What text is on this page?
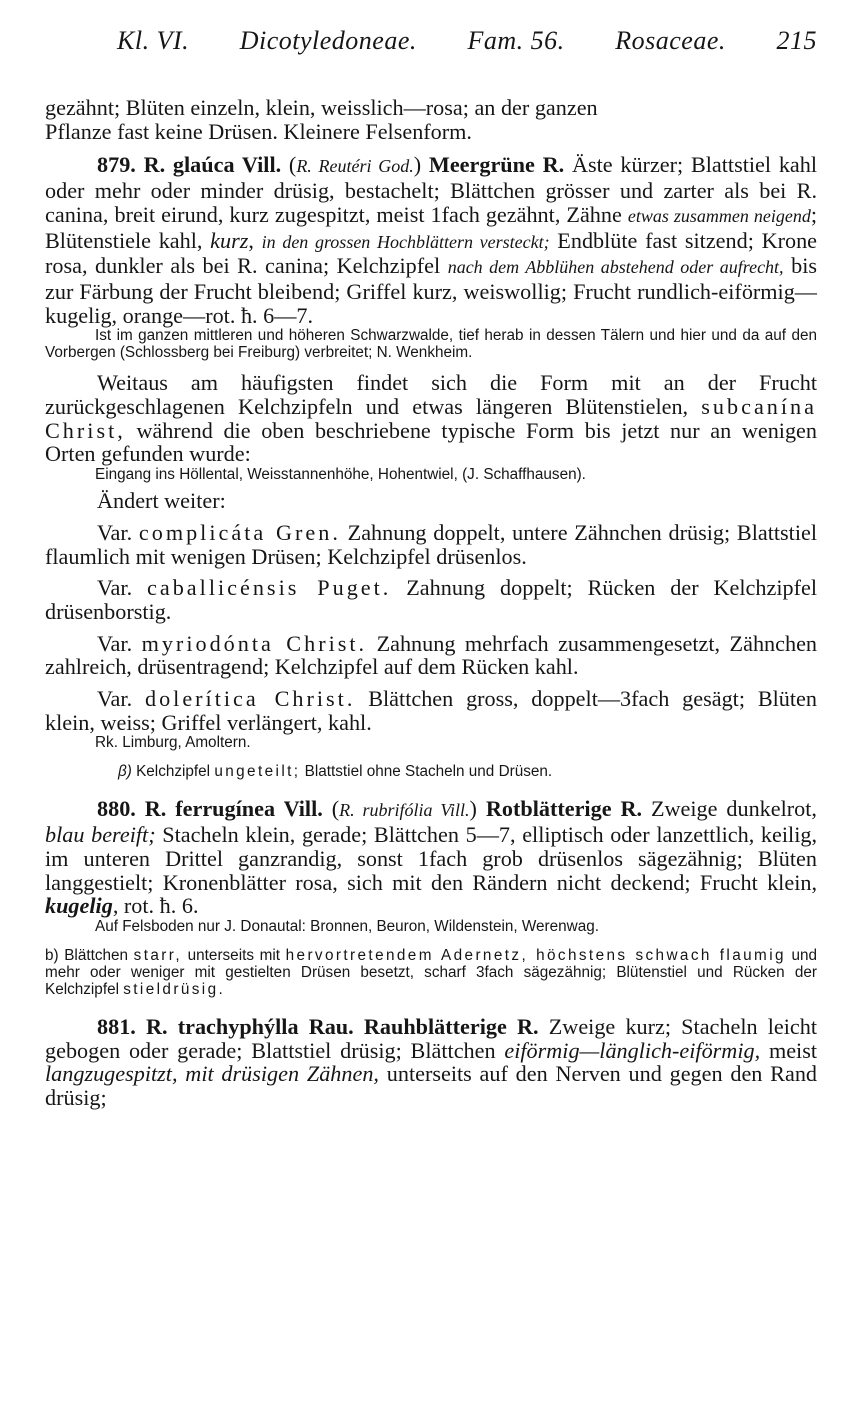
Kl. VI. Dicotyledoneae. Fam. 56. Rosaceae. 215

gezähnt; Blüten einzeln, klein, weisslich—rosa; an der ganzen
Pflanze fast keine Drüsen. Kleinere Felsenform.

879. R. glaúca Vill. (R. Reutéri God.) Meergrüne R. Äste kürzer; Blattstiel kahl oder mehr oder minder drüsig, bestachelt; Blättchen grösser und zarter als bei R. canina, breit eirund, kurz zugespitzt, meist 1fach gezähnt, Zähne etwas zusammen neigend; Blütenstiele kahl, kurz, in den grossen Hochblättern versteckt; Endblüte fast sitzend; Krone rosa, dunkler als bei R. canina; Kelchzipfel nach dem Abblühen abstehend oder aufrecht, bis zur Färbung der Frucht bleibend; Griffel kurz, weiswollig; Frucht rundlich-eiförmig—kugelig, orange—rot. ħ. 6—7.

Ist im ganzen mittleren und höheren Schwarzwalde, tief herab in dessen Tälern und hier und da auf den Vorbergen (Schlossberg bei Freiburg) verbreitet; N. Wenkheim.

Weitaus am häufigsten findet sich die Form mit an der Frucht zurückgeschlagenen Kelchzipfeln und etwas längeren Blütenstielen, subcanína Christ, während die oben beschriebene typische Form bis jetzt nur an wenigen Orten gefunden wurde:

Eingang ins Höllental, Weisstannenhöhe, Hohentwiel, (J. Schaffhausen).

Ändert weiter:

Var. complicáta Gren. Zahnung doppelt, untere Zähnchen drüsig; Blattstiel flaumlich mit wenigen Drüsen; Kelchzipfel drüsenlos.

Var. caballicénsis Puget. Zahnung doppelt; Rücken der Kelchzipfel drüsenborstig.

Var. myriodónta Christ. Zahnung mehrfach zusammengesetzt, Zähnchen zahlreich, drüsentragend; Kelchzipfel auf dem Rücken kahl.

Var. dolerítica Christ. Blättchen gross, doppelt—3fach gesägt; Blüten klein, weiss; Griffel verlängert, kahl.

Rk. Limburg, Amoltern.

β) Kelchzipfel ungeteilt; Blattstiel ohne Stacheln und Drüsen.

880. R. ferrugínea Vill. (R. rubrifólia Vill.) Rotblätterige R. Zweige dunkelrot, blau bereift; Stacheln klein, gerade; Blättchen 5—7, elliptisch oder lanzettlich, keilig, im unteren Drittel ganzrandig, sonst 1fach grob drüsenlos sägezähnig; Blüten langgestielt; Kronenblätter rosa, sich mit den Rändern nicht deckend; Frucht klein, kugelig, rot. ħ. 6.

Auf Felsboden nur J. Donautal: Bronnen, Beuron, Wildenstein, Werenwag.

b) Blättchen starr, unterseits mit hervortretendem Adernetz, höchstens schwach flaumig und mehr oder weniger mit gestielten Drüsen besetzt, scharf 3fach sägezähnig; Blütenstiel und Rücken der Kelchzipfel stieldrüsig.

881. R. trachyphýlla Rau. Rauhblätterige R. Zweige kurz; Stacheln leicht gebogen oder gerade; Blattstiel drüsig; Blättchen eiförmig—länglich-eiförmig, meist langzugespitzt, mit drüsigen Zähnen, unterseits auf den Nerven und gegen den Rand drüsig;
